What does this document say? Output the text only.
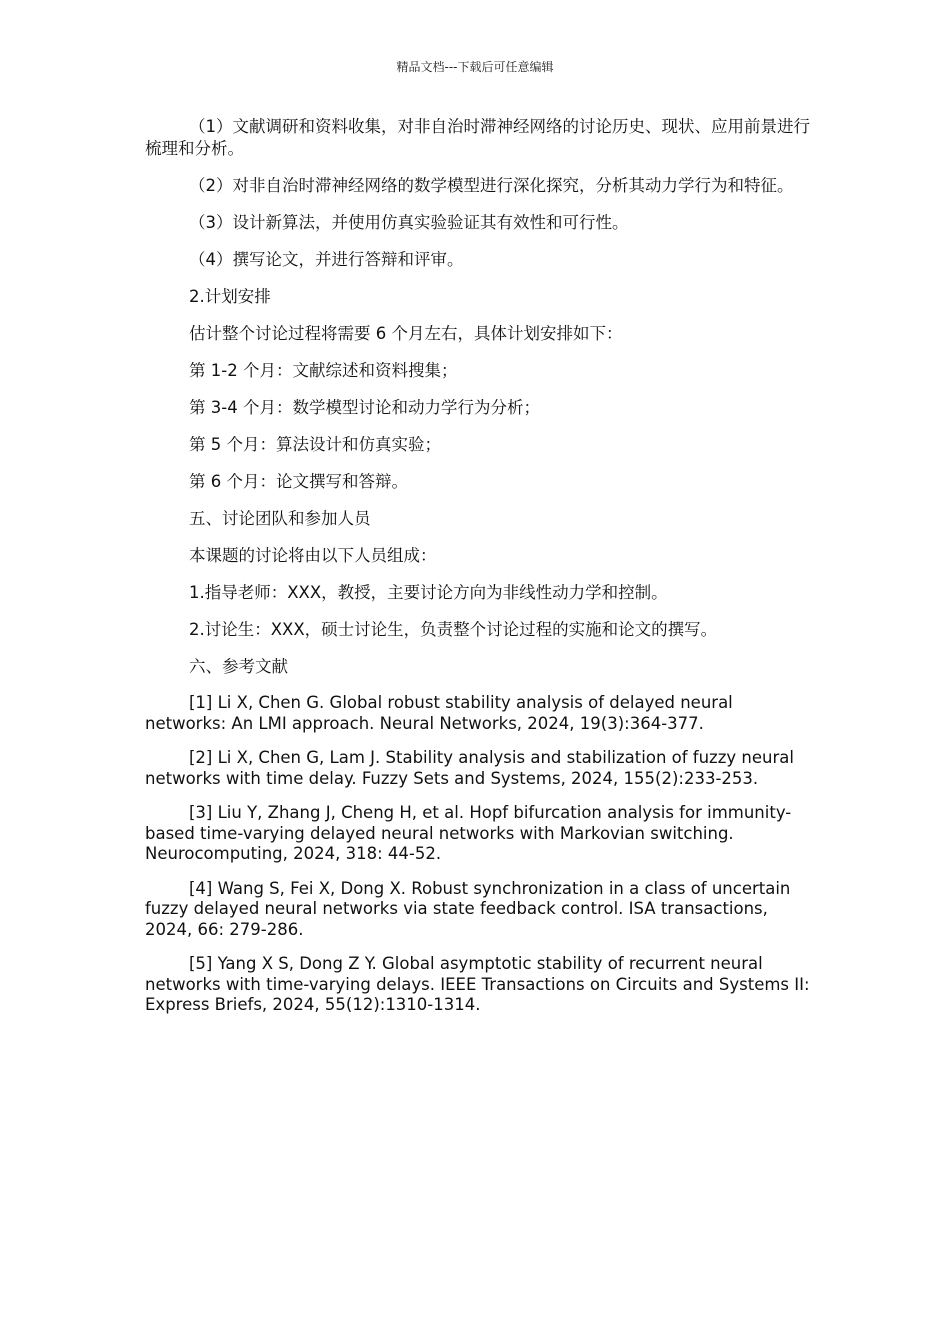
精品文档---下载后可任意编辑

（1）文献调研和资料收集，对非自治时滞神经网络的讨论历史、现状、应用前景进行梳理和分析。

（2）对非自治时滞神经网络的数学模型进行深化探究，分析其动力学行为和特征。

（3）设计新算法，并使用仿真实验验证其有效性和可行性。

（4）撰写论文，并进行答辩和评审。

2.计划安排

估计整个讨论过程将需要 6 个月左右，具体计划安排如下：

第 1-2 个月：文献综述和资料搜集；

第 3-4 个月：数学模型讨论和动力学行为分析；

第 5 个月：算法设计和仿真实验；

第 6 个月：论文撰写和答辩。

五、讨论团队和参加人员

本课题的讨论将由以下人员组成：

1.指导老师：XXX，教授，主要讨论方向为非线性动力学和控制。

2.讨论生：XXX，硕士讨论生，负责整个讨论过程的实施和论文的撰写。

六、参考文献

[1] Li X, Chen G. Global robust stability analysis of delayed neural networks: An LMI approach. Neural Networks, 2024, 19(3):364-377.

[2] Li X, Chen G, Lam J. Stability analysis and stabilization of fuzzy neural networks with time delay. Fuzzy Sets and Systems, 2024, 155(2):233-253.

[3] Liu Y, Zhang J, Cheng H, et al. Hopf bifurcation analysis for immunity-based time-varying delayed neural networks with Markovian switching. Neurocomputing, 2024, 318: 44-52.

[4] Wang S, Fei X, Dong X. Robust synchronization in a class of uncertain fuzzy delayed neural networks via state feedback control. ISA transactions, 2024, 66: 279-286.

[5] Yang X S, Dong Z Y. Global asymptotic stability of recurrent neural networks with time-varying delays. IEEE Transactions on Circuits and Systems II: Express Briefs, 2024, 55(12):1310-1314.
